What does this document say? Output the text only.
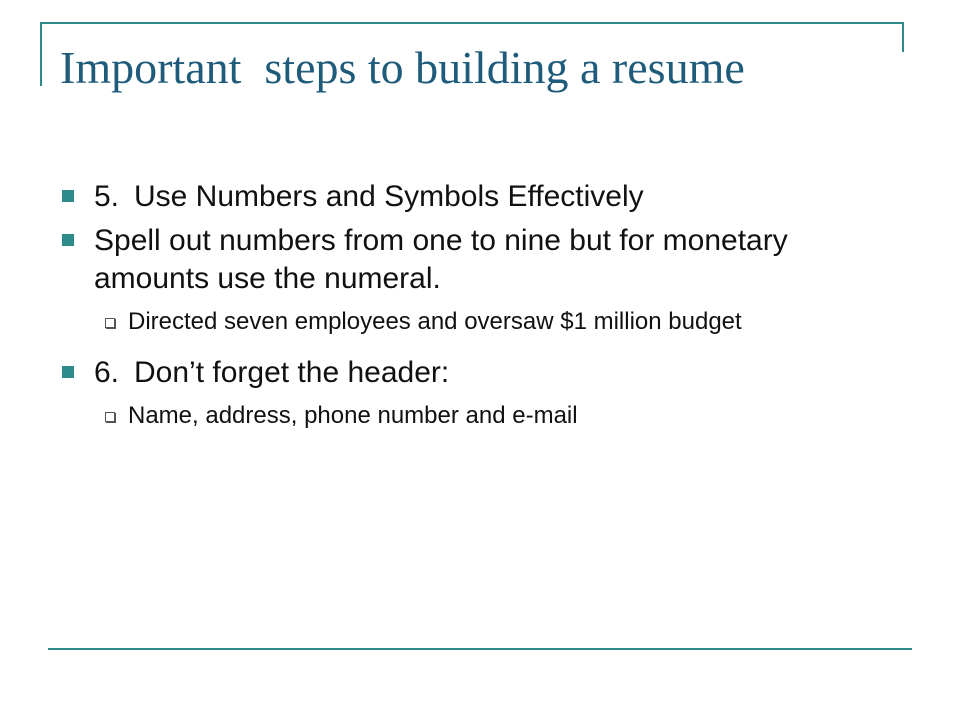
Important  steps to building a resume
5. Use Numbers and Symbols Effectively
Spell out numbers from one to nine but for monetary amounts use the numeral.
Directed seven employees and oversaw $1 million budget
6. Don’t forget the header:
Name, address, phone number and e-mail
